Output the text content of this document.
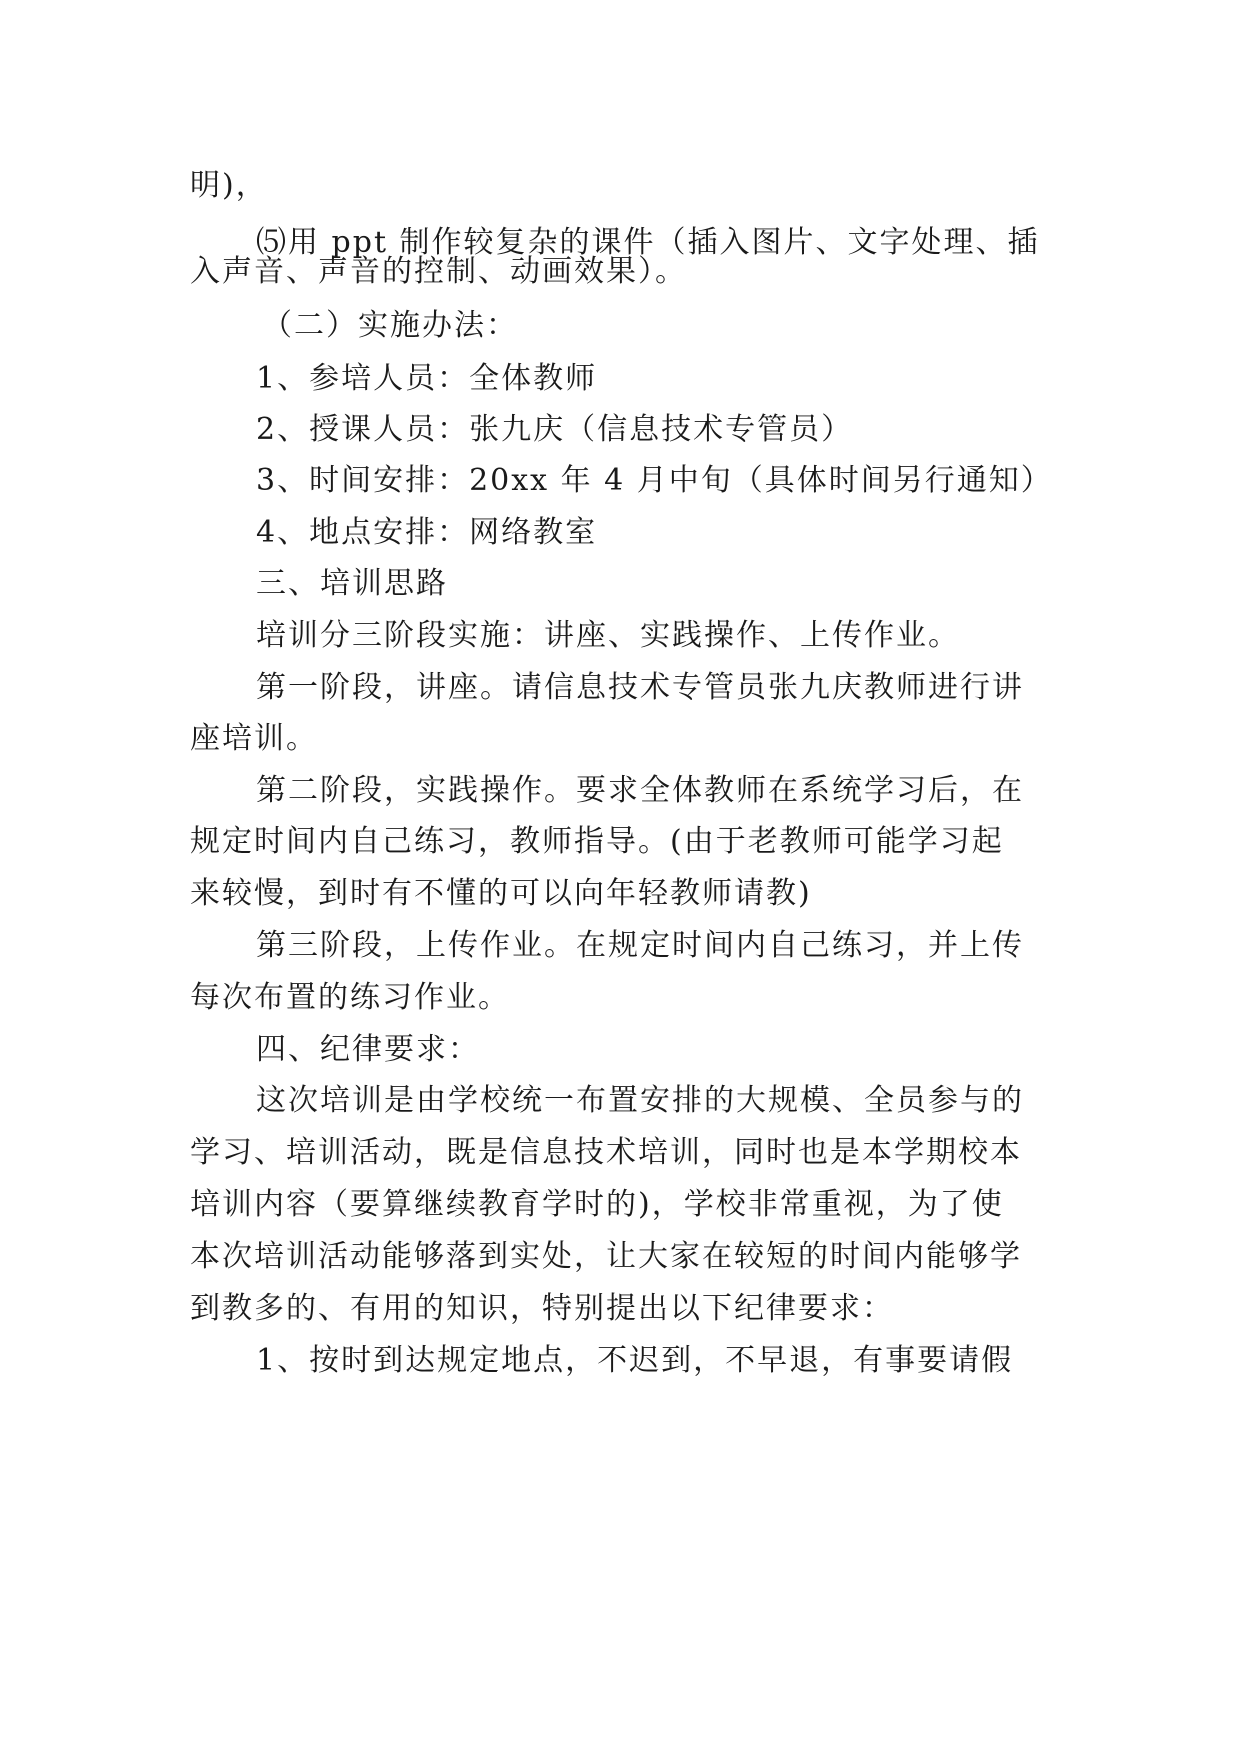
明)，
⑸用 ppt 制作较复杂的课件（插入图片、文字处理、插
入声音、声音的控制、动画效果）。
（二）实施办法：
1、参培人员：全体教师
2、授课人员：张九庆（信息技术专管员）
3、时间安排：20xx 年 4 月中旬（具体时间另行通知）
4、地点安排：网络教室
三、培训思路
培训分三阶段实施：讲座、实践操作、上传作业。
第一阶段，讲座。请信息技术专管员张九庆教师进行讲
座培训。
第二阶段，实践操作。要求全体教师在系统学习后，在
规定时间内自己练习，教师指导。(由于老教师可能学习起
来较慢，到时有不懂的可以向年轻教师请教)
第三阶段，上传作业。在规定时间内自己练习，并上传
每次布置的练习作业。
四、纪律要求：
这次培训是由学校统一布置安排的大规模、全员参与的
学习、培训活动，既是信息技术培训，同时也是本学期校本
培训内容（要算继续教育学时的)，学校非常重视，为了使
本次培训活动能够落到实处，让大家在较短的时间内能够学
到教多的、有用的知识，特别提出以下纪律要求：
1、按时到达规定地点，不迟到，不早退，有事要请假
